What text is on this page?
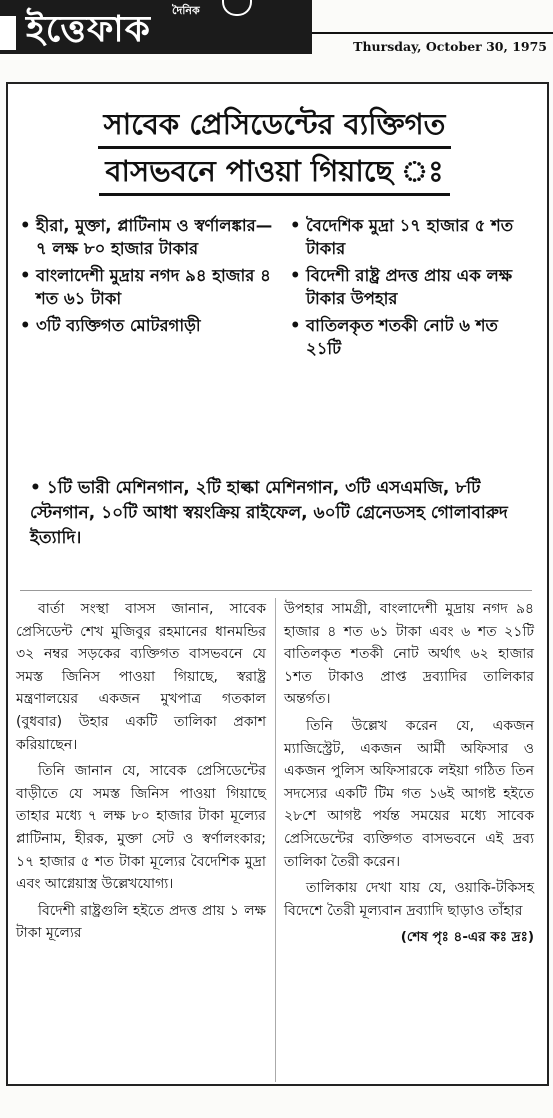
দৈনিক
ইত্তেফাক	Thursday, October 30, 1975
সাবেক প্রেসিডেন্টের ব্যক্তিগত
বাসভবনে পাওয়া গিয়াছে ঃ
• হীরা, মুক্তা, প্লাটিনাম ও স্বর্ণালঙ্কার—৭ লক্ষ ৮০ হাজার টাকার
• বাংলাদেশী মুদ্রায় নগদ ৯৪ হাজার ৪ শত ৬১ টাকা
• ৩টি ব্যক্তিগত মোটরগাড়ী
• বৈদেশিক মুদ্রা ১৭ হাজার ৫ শত টাকার
• বিদেশী রাষ্ট্র প্রদত্ত প্রায় এক লক্ষ টাকার উপহার
• বাতিলকৃত শতকী নোট ৬ শত ২১টি
• ১টি ভারী মেশিনগান, ২টি হাল্কা মেশিনগান, ৩টি এসএমজি, ৮টি স্টেনগান, ১০টি আধা স্বয়ংক্রিয় রাইফেল, ৬০টি গ্রেনেডসহ গোলাবারুদ ইত্যাদি।

বার্তা সংস্থা বাসস জানান, সাবেক প্রেসিডেন্ট শেখ মুজিবুর রহমানের ধানমন্ডির ৩২ নম্বর সড়কের ব্যক্তিগত বাসভবনে যে সমস্ত জিনিস পাওয়া গিয়াছে, স্বরাষ্ট্র মন্ত্রণালয়ের একজন মুখপাত্র গতকাল (বুধবার) উহার একটি তালিকা প্রকাশ করিয়াছেন।

তিনি জানান যে, সাবেক প্রেসিডেন্টের বাড়ীতে যে সমস্ত জিনিস পাওয়া গিয়াছে তাহার মধ্যে ৭ লক্ষ ৮০ হাজার টাকা মূল্যের প্লাটিনাম, হীরক, মুক্তা সেট ও স্বর্ণালংকার; ১৭ হাজার ৫ শত টাকা মূল্যের বৈদেশিক মুদ্রা এবং আগ্নেয়াস্ত্র উল্লেখযোগ্য।

বিদেশী রাষ্ট্রগুলি হইতে প্রদত্ত প্রায় ১ লক্ষ টাকা মূল্যের

উপহার সামগ্রী, বাংলাদেশী মুদ্রায় নগদ ৯৪ হাজার ৪ শত ৬১ টাকা এবং ৬ শত ২১টি বাতিলকৃত শতকী নোট অর্থাৎ ৬২ হাজার ১শত টাকাও প্রাপ্ত দ্রব্যাদির তালিকার অন্তর্গত।

তিনি উল্লেখ করেন যে, একজন ম্যাজিস্ট্রেট, একজন আর্মী অফিসার ও একজন পুলিস অফিসারকে লইয়া গঠিত তিন সদস্যের একটি টিম গত ১৬ই আগষ্ট হইতে ২৮শে আগষ্ট পর্যন্ত সময়ের মধ্যে সাবেক প্রেসিডেন্টের ব্যক্তিগত বাসভবনে এই দ্রব্য তালিকা তৈরী করেন।

তালিকায় দেখা যায় যে, ওয়াকি-টকিসহ বিদেশে তৈরী মূল্যবান দ্রব্যাদি ছাড়াও তাঁহার

(শেষ পৃঃ ৪-এর কঃ দ্রঃ)
